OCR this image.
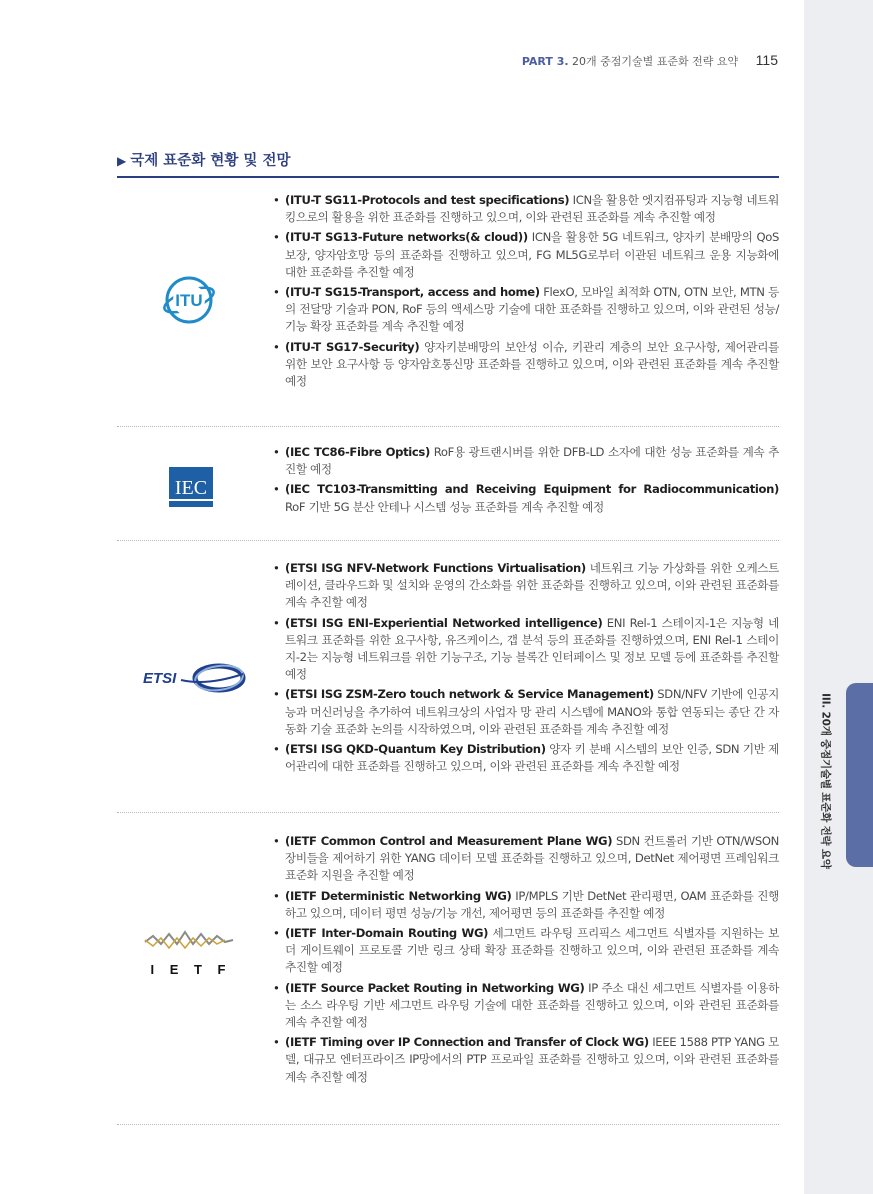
III. 20개 중점기술별 표준화 전략 요약
PART 3. 20개 중점기술별 표준화 전략 요약 115
▶ 국제 표준화 현황 및 전망
ITU
• (ITU-T SG11-Protocols and test specifications) ICN을 활용한 엣지컴퓨팅과 지능형 네트워킹으로의 활용을 위한 표준화를 진행하고 있으며, 이와 관련된 표준화를 계속 추진할 예정
• (ITU-T SG13-Future networks(& cloud)) ICN을 활용한 5G 네트워크, 양자키 분배망의 QoS 보장, 양자암호망 등의 표준화를 진행하고 있으며, FG ML5G로부터 이관된 네트워크 운용 지능화에 대한 표준화를 추진할 예정
• (ITU-T SG15-Transport, access and home) FlexO, 모바일 최적화 OTN, OTN 보안, MTN 등의 전달망 기술과 PON, RoF 등의 액세스망 기술에 대한 표준화를 진행하고 있으며, 이와 관련된 성능/기능 확장 표준화를 계속 추진할 예정
• (ITU-T SG17-Security) 양자키분배망의 보안성 이슈, 키관리 계층의 보안 요구사항, 제어관리를 위한 보안 요구사항 등 양자암호통신망 표준화를 진행하고 있으며, 이와 관련된 표준화를 계속 추진할 예정
IEC
• (IEC TC86-Fibre Optics) RoF용 광트랜시버를 위한 DFB-LD 소자에 대한 성능 표준화를 계속 추진할 예정
• (IEC TC103-Transmitting and Receiving Equipment for Radiocommunication) RoF 기반 5G 분산 안테나 시스템 성능 표준화를 계속 추진할 예정
ETSI
• (ETSI ISG NFV-Network Functions Virtualisation) 네트워크 기능 가상화를 위한 오케스트레이션, 클라우드화 및 설치와 운영의 간소화를 위한 표준화를 진행하고 있으며, 이와 관련된 표준화를 계속 추진할 예정
• (ETSI ISG ENI-Experiential Networked intelligence) ENI Rel-1 스테이지-1은 지능형 네트워크 표준화를 위한 요구사항, 유즈케이스, 갭 분석 등의 표준화를 진행하였으며, ENI Rel-1 스테이지-2는 지능형 네트워크를 위한 기능구조, 기능 블록간 인터페이스 및 정보 모델 등에 표준화를 추진할 예정
• (ETSI ISG ZSM-Zero touch network & Service Management) SDN/NFV 기반에 인공지능과 머신러닝을 추가하여 네트워크상의 사업자 망 관리 시스템에 MANO와 통합 연동되는 종단 간 자동화 기술 표준화 논의를 시작하였으며, 이와 관련된 표준화를 계속 추진할 예정
• (ETSI ISG QKD-Quantum Key Distribution) 양자 키 분배 시스템의 보안 인증, SDN 기반 제어관리에 대한 표준화를 진행하고 있으며, 이와 관련된 표준화를 계속 추진할 예정
I E T F
• (IETF Common Control and Measurement Plane WG) SDN 컨트롤러 기반 OTN/WSON 장비들을 제어하기 위한 YANG 데이터 모델 표준화를 진행하고 있으며, DetNet 제어평면 프레임워크 표준화 지원을 추진할 예정
• (IETF Deterministic Networking WG) IP/MPLS 기반 DetNet 관리평면, OAM 표준화를 진행하고 있으며, 데이터 평면 성능/기능 개선, 제어평면 등의 표준화를 추진할 예정
• (IETF Inter-Domain Routing WG) 세그먼트 라우팅 프리픽스 세그먼트 식별자를 지원하는 보더 게이트웨이 프로토콜 기반 링크 상태 확장 표준화를 진행하고 있으며, 이와 관련된 표준화를 계속 추진할 예정
• (IETF Source Packet Routing in Networking WG) IP 주소 대신 세그먼트 식별자를 이용하는 소스 라우팅 기반 세그먼트 라우팅 기술에 대한 표준화를 진행하고 있으며, 이와 관련된 표준화를 계속 추진할 예정
• (IETF Timing over IP Connection and Transfer of Clock WG) IEEE 1588 PTP YANG 모델, 대규모 엔터프라이즈 IP망에서의 PTP 프로파일 표준화를 진행하고 있으며, 이와 관련된 표준화를 계속 추진할 예정
